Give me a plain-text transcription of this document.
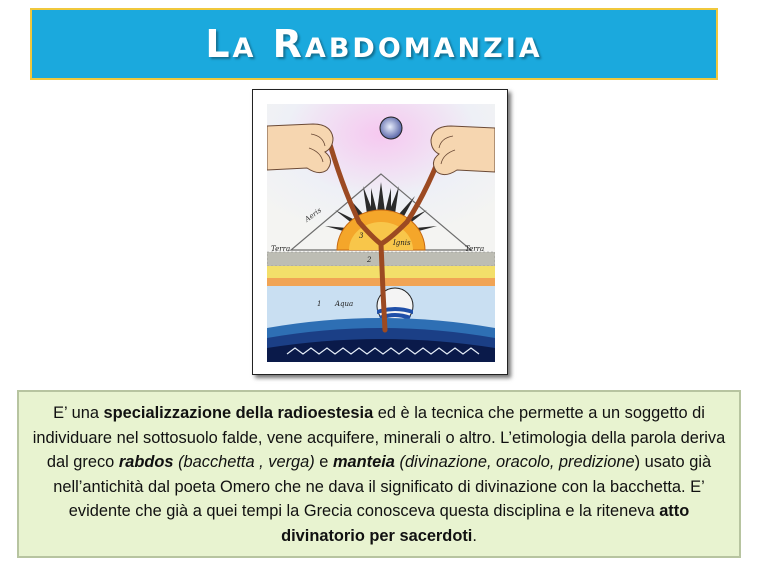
La Rabdomanzia
Aeris
Ignis
Terra	Terra
Aqua
1
2
3

E’ una specializzazione della radioestesia ed è la tecnica che permette a un soggetto di individuare nel sottosuolo falde, vene acquifere, minerali o altro. L’etimologia della parola deriva dal greco rabdos (bacchetta , verga) e manteia (divinazione, oracolo, predizione) usato già nell’antichità dal poeta Omero che ne dava il significato di divinazione con la bacchetta. E’ evidente che già a quei tempi la Grecia conosceva questa disciplina e la riteneva atto divinatorio per sacerdoti.
